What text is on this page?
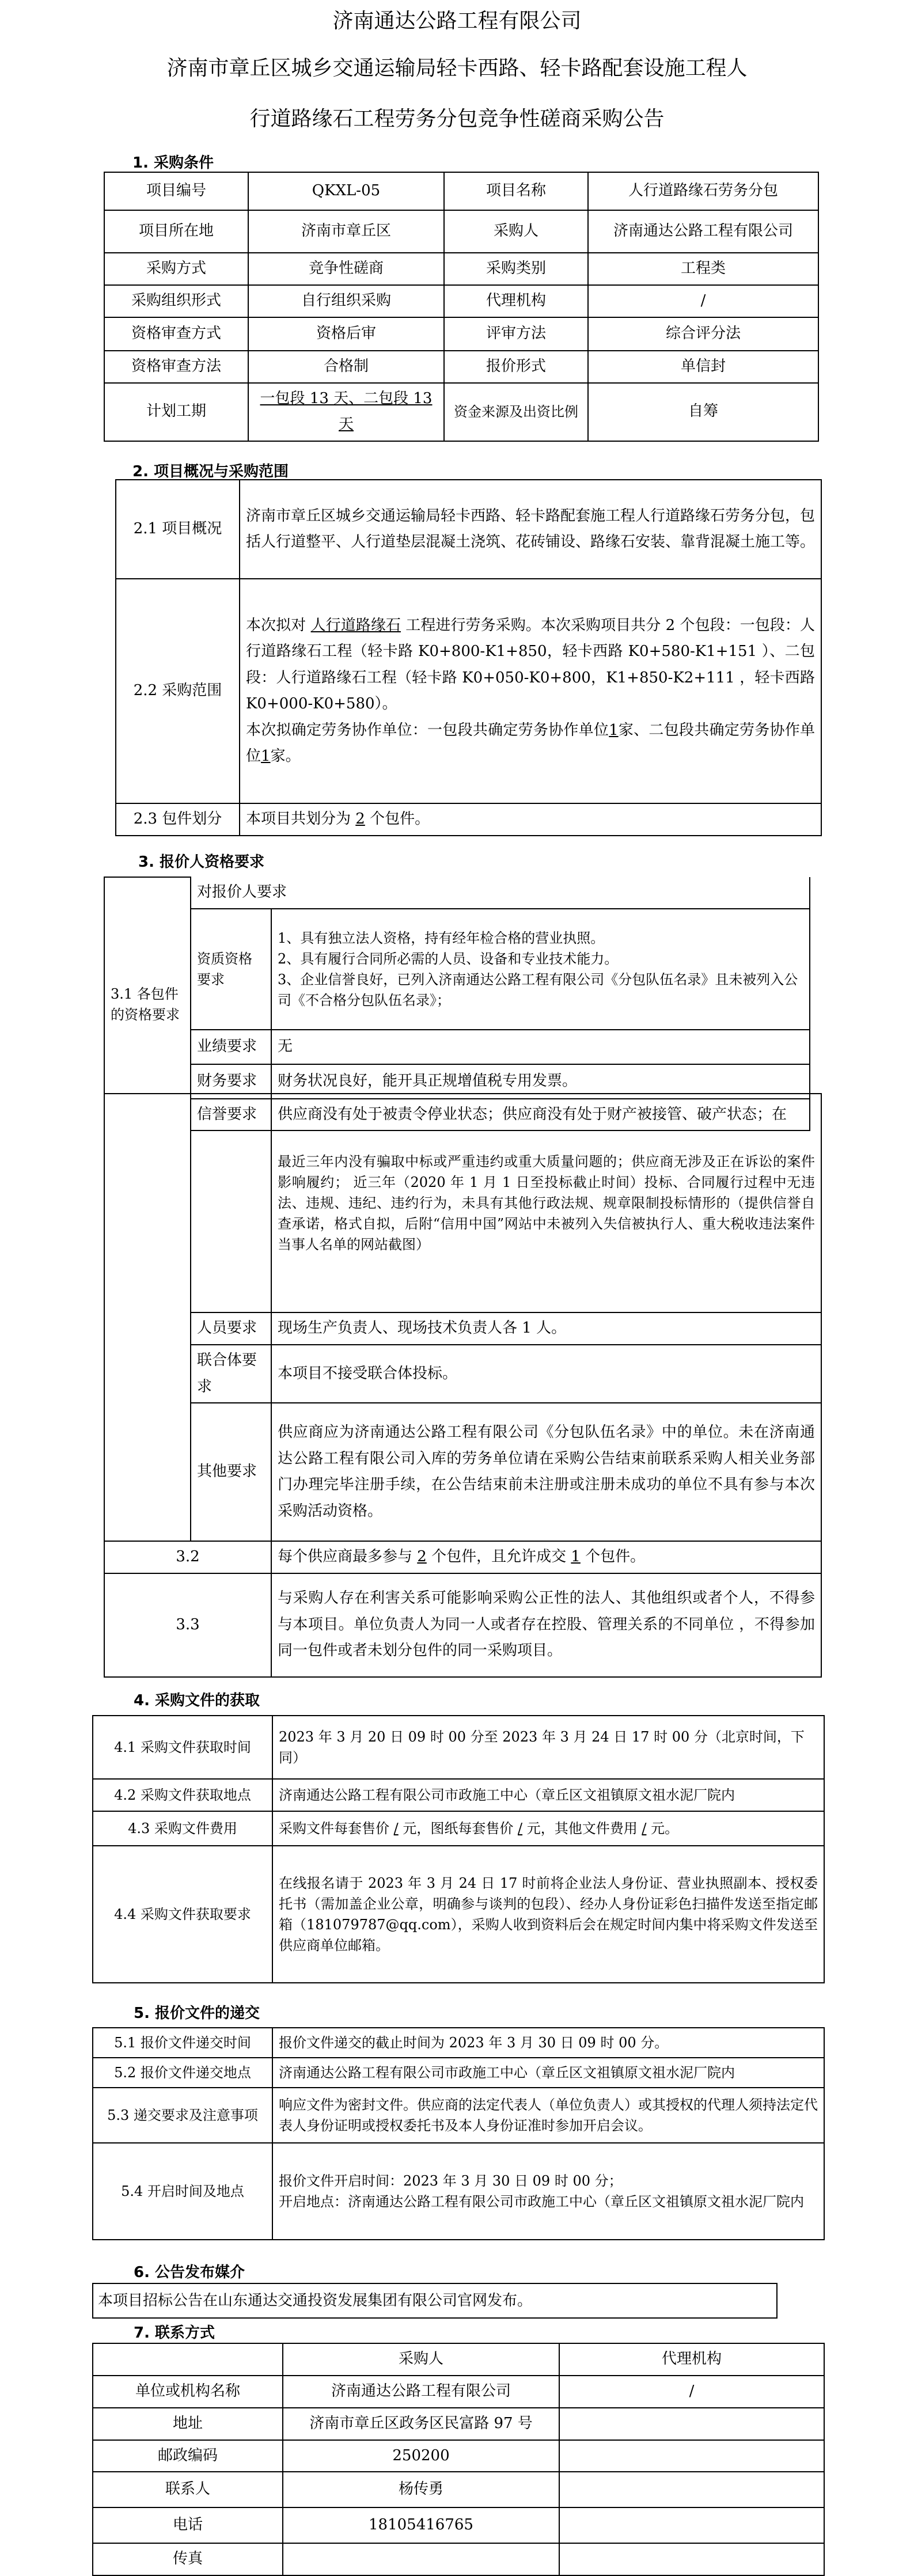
济南通达公路工程有限公司
济南市章丘区城乡交通运输局轻卡西路、轻卡路配套设施工程人
行道路缘石工程劳务分包竞争性磋商采购公告
1. 采购条件
项目编号	QKXL-05	项目名称	人行道路缘石劳务分包
项目所在地	济南市章丘区	采购人	济南通达公路工程有限公司
采购方式	竞争性磋商	采购类别	工程类
采购组织形式	自行组织采购	代理机构	/
资格审查方式	资格后审	评审方法	综合评分法
资格审查方法	合格制	报价形式	单信封
计划工期	一包段 13 天、二包段 13 天	资金来源及出资比例	自筹
2. 项目概况与采购范围
2.1 项目概况	济南市章丘区城乡交通运输局轻卡西路、轻卡路配套施工程人行道路缘石劳务分包，包括人行道整平、人行道垫层混凝土浇筑、花砖铺设、路缘石安装、靠背混凝土施工等。
2.2 采购范围	本次拟对 人行道路缘石 工程进行劳务采购。本次采购项目共分 2 个包段：一包段：人行道路缘石工程（轻卡路 K0+800-K1+850，轻卡西路 K0+580-K1+151 ）、二包段：人行道路缘石工程（轻卡路 K0+050-K0+800，K1+850-K2+111 ，轻卡西路 K0+000-K0+580）。
本次拟确定劳务协作单位：一包段共确定劳务协作单位1家、二包段共确定劳务协作单位1家。
2.3 包件划分	本项目共划分为 2 个包件。
3. 报价人资格要求
3.1 各包件的资格要求	对报价人要求	
	资质资格要求	1、具有独立法人资格，持有经年检合格的营业执照。
2、具有履行合同所必需的人员、设备和专业技术能力。
3、企业信誉良好，已列入济南通达公路工程有限公司《分包队伍名录》且未被列入公司《不合格分包队伍名录》；
	业绩要求	无
	财务要求	财务状况良好，能开具正规增值税专用发票。
	信誉要求	供应商没有处于被责令停业状态；供应商没有处于财产被接管、破产状态；在
		最近三年内没有骗取中标或严重违约或重大质量问题的；供应商无涉及正在诉讼的案件影响履约； 近三年（2020 年 1 月 1 日至投标截止时间）投标、合同履行过程中无违法、违规、违纪、违约行为，未具有其他行政法规、规章限制投标情形的（提供信誉自查承诺，格式自拟，后附“信用中国”网站中未被列入失信被执行人、重大税收违法案件当事人名单的网站截图）
	人员要求	现场生产负责人、现场技术负责人各 1 人。
	联合体要求	本项目不接受联合体投标。
	其他要求	供应商应为济南通达公路工程有限公司《分包队伍名录》中的单位。未在济南通达公路工程有限公司入库的劳务单位请在采购公告结束前联系采购人相关业务部门办理完毕注册手续，在公告结束前未注册或注册未成功的单位不具有参与本次采购活动资格。
3.2		每个供应商最多参与 2 个包件，且允许成交 1 个包件。
3.3		与采购人存在利害关系可能影响采购公正性的法人、其他组织或者个人，不得参与本项目。单位负责人为同一人或者存在控股、管理关系的不同单位 ，不得参加同一包件或者未划分包件的同一采购项目。
4. 采购文件的获取
4.1 采购文件获取时间	2023 年 3 月 20 日 09 时 00 分至 2023 年 3 月 24 日 17 时 00 分（北京时间，下同）
4.2 采购文件获取地点	济南通达公路工程有限公司市政施工中心（章丘区文祖镇原文祖水泥厂院内
4.3 采购文件费用	采购文件每套售价 / 元，图纸每套售价 / 元，其他文件费用 / 元。
4.4 采购文件获取要求	在线报名请于 2023 年 3 月 24 日 17 时前将企业法人身份证、营业执照副本、授权委托书（需加盖企业公章，明确参与谈判的包段）、经办人身份证彩色扫描件发送至指定邮箱（181079787@qq.com），采购人收到资料后会在规定时间内集中将采购文件发送至供应商单位邮箱。
5. 报价文件的递交
5.1 报价文件递交时间	报价文件递交的截止时间为 2023 年 3 月 30 日 09 时 00 分。
5.2 报价文件递交地点	济南通达公路工程有限公司市政施工中心（章丘区文祖镇原文祖水泥厂院内
5.3 递交要求及注意事项	响应文件为密封文件。供应商的法定代表人（单位负责人）或其授权的代理人须持法定代表人身份证明或授权委托书及本人身份证准时参加开启会议。
5.4 开启时间及地点	报价文件开启时间：2023 年 3 月 30 日 09 时 00 分；
开启地点：济南通达公路工程有限公司市政施工中心（章丘区文祖镇原文祖水泥厂院内
6. 公告发布媒介
本项目招标公告在山东通达交通投资发展集团有限公司官网发布。
7. 联系方式
	采购人	代理机构
单位或机构名称	济南通达公路工程有限公司	/
地址	济南市章丘区政务区民富路 97 号	
邮政编码	250200	
联系人	杨传勇	
电话	18105416765	
传真		
